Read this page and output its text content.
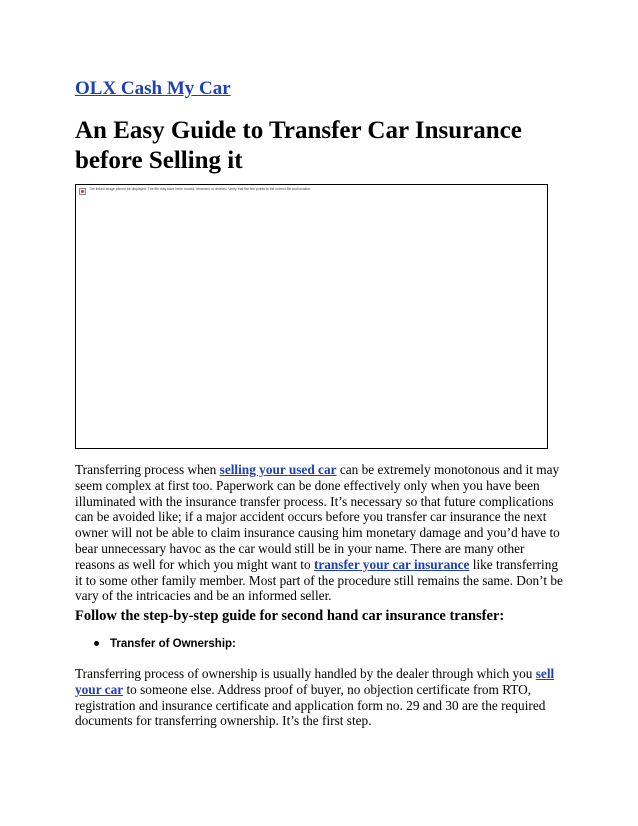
OLX Cash My Car
An Easy Guide to Transfer Car Insurance before Selling it
The linked image cannot be displayed. The file may have been moved, renamed, or deleted. Verify that the link points to the correct file and location.

Transferring process when selling your used car can be extremely monotonous and it may seem complex at first too. Paperwork can be done effectively only when you have been illuminated with the insurance transfer process. It’s necessary so that future complications can be avoided like; if a major accident occurs before you transfer car insurance the next owner will not be able to claim insurance causing him monetary damage and you’d have to bear unnecessary havoc as the car would still be in your name. There are many other reasons as well for which you might want to transfer your car insurance like transferring it to some other family member. Most part of the procedure still remains the same. Don’t be vary of the intricacies and be an informed seller.

Follow the step-by-step guide for second hand car insurance transfer:
Transfer of Ownership:

Transferring process of ownership is usually handled by the dealer through which you sell your car to someone else. Address proof of buyer, no objection certificate from RTO, registration and insurance certificate and application form no. 29 and 30 are the required documents for transferring ownership. It’s the first step.
